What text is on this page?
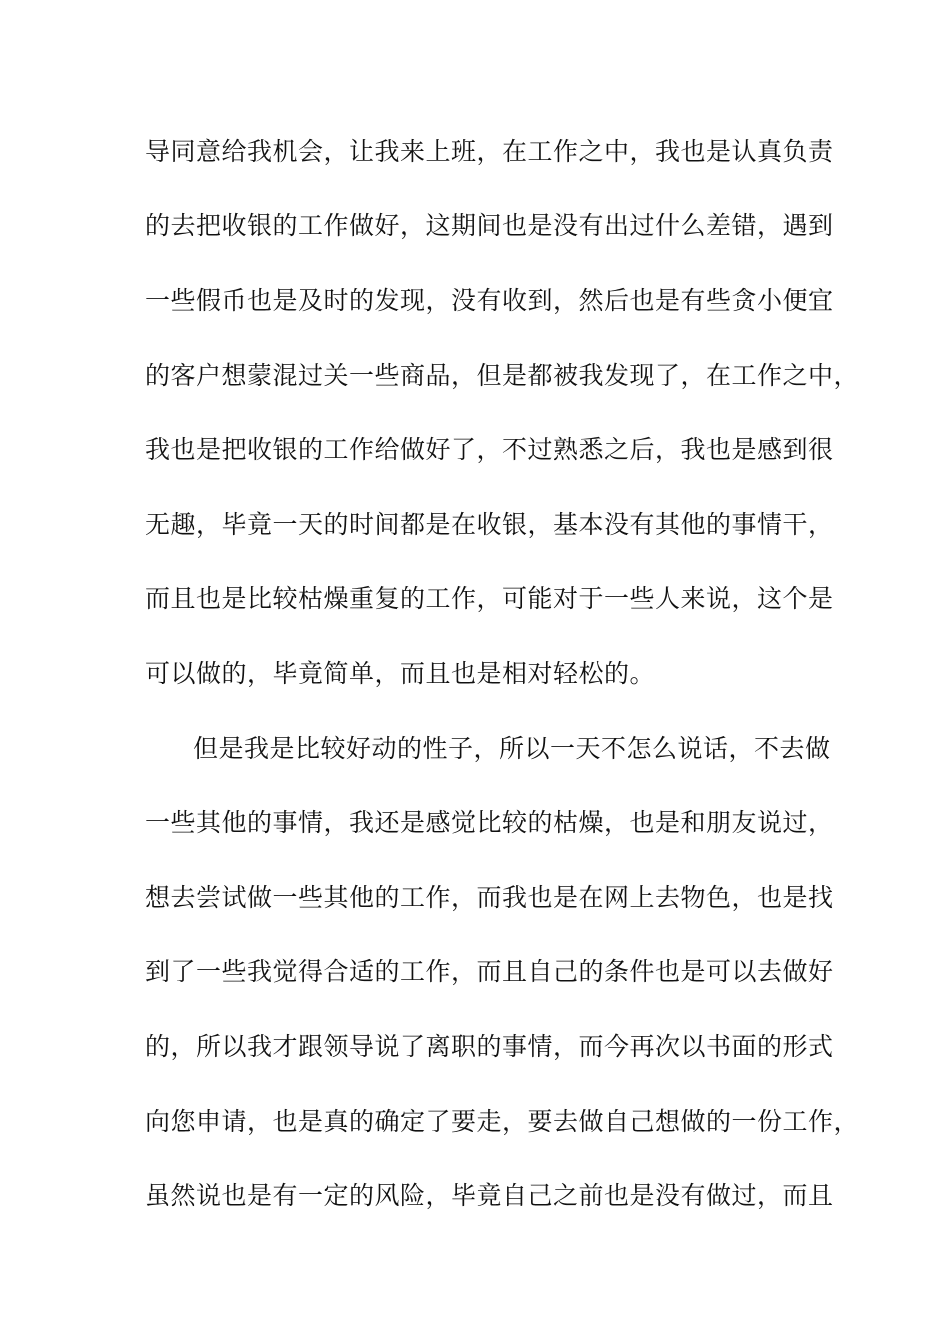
导同意给我机会，让我来上班，在工作之中，我也是认真负责
的去把收银的工作做好，这期间也是没有出过什么差错，遇到
一些假币也是及时的发现，没有收到，然后也是有些贪小便宜
的客户想蒙混过关一些商品，但是都被我发现了，在工作之中，
我也是把收银的工作给做好了，不过熟悉之后，我也是感到很
无趣，毕竟一天的时间都是在收银，基本没有其他的事情干，
而且也是比较枯燥重复的工作，可能对于一些人来说，这个是
可以做的，毕竟简单，而且也是相对轻松的。
但是我是比较好动的性子，所以一天不怎么说话，不去做
一些其他的事情，我还是感觉比较的枯燥，也是和朋友说过，
想去尝试做一些其他的工作，而我也是在网上去物色，也是找
到了一些我觉得合适的工作，而且自己的条件也是可以去做好
的，所以我才跟领导说了离职的事情，而今再次以书面的形式
向您申请，也是真的确定了要走，要去做自己想做的一份工作，
虽然说也是有一定的风险，毕竟自己之前也是没有做过，而且
